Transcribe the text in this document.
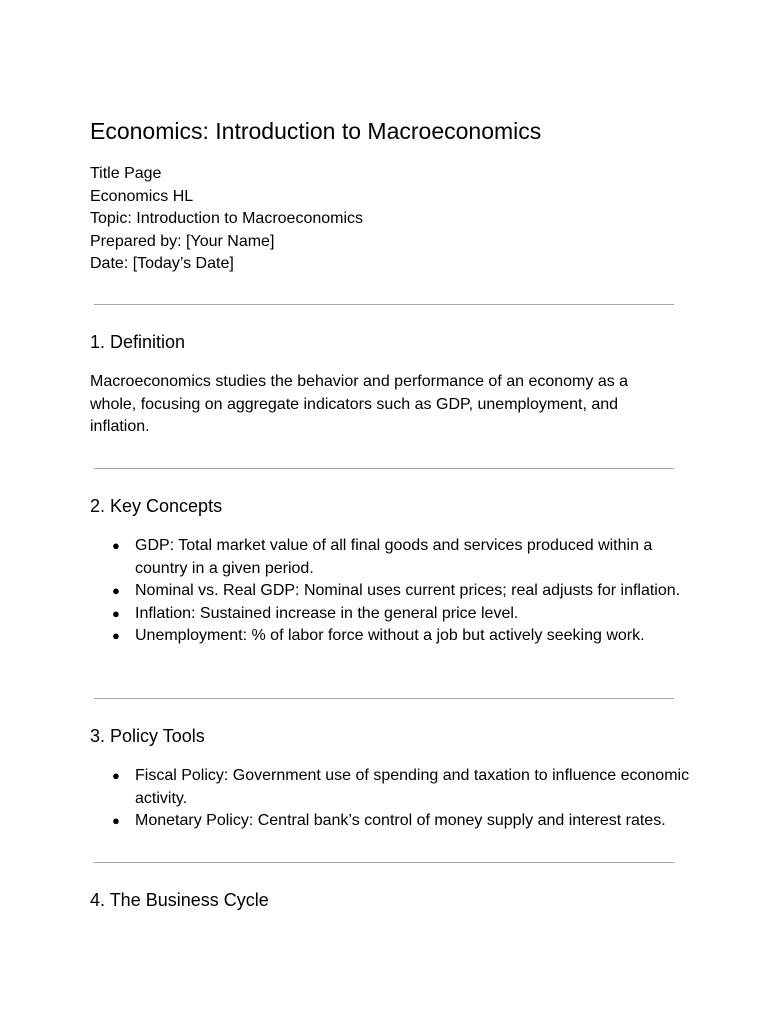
Economics: Introduction to Macroeconomics
Title Page
Economics HL
Topic: Introduction to Macroeconomics
Prepared by: [Your Name]
Date: [Today’s Date]
1. Definition
Macroeconomics studies the behavior and performance of an economy as a whole, focusing on aggregate indicators such as GDP, unemployment, and inflation.
2. Key Concepts
● GDP: Total market value of all final goods and services produced within a country in a given period.
● Nominal vs. Real GDP: Nominal uses current prices; real adjusts for inflation.
● Inflation: Sustained increase in the general price level.
● Unemployment: % of labor force without a job but actively seeking work.
3. Policy Tools
● Fiscal Policy: Government use of spending and taxation to influence economic activity.
● Monetary Policy: Central bank’s control of money supply and interest rates.
4. The Business Cycle
